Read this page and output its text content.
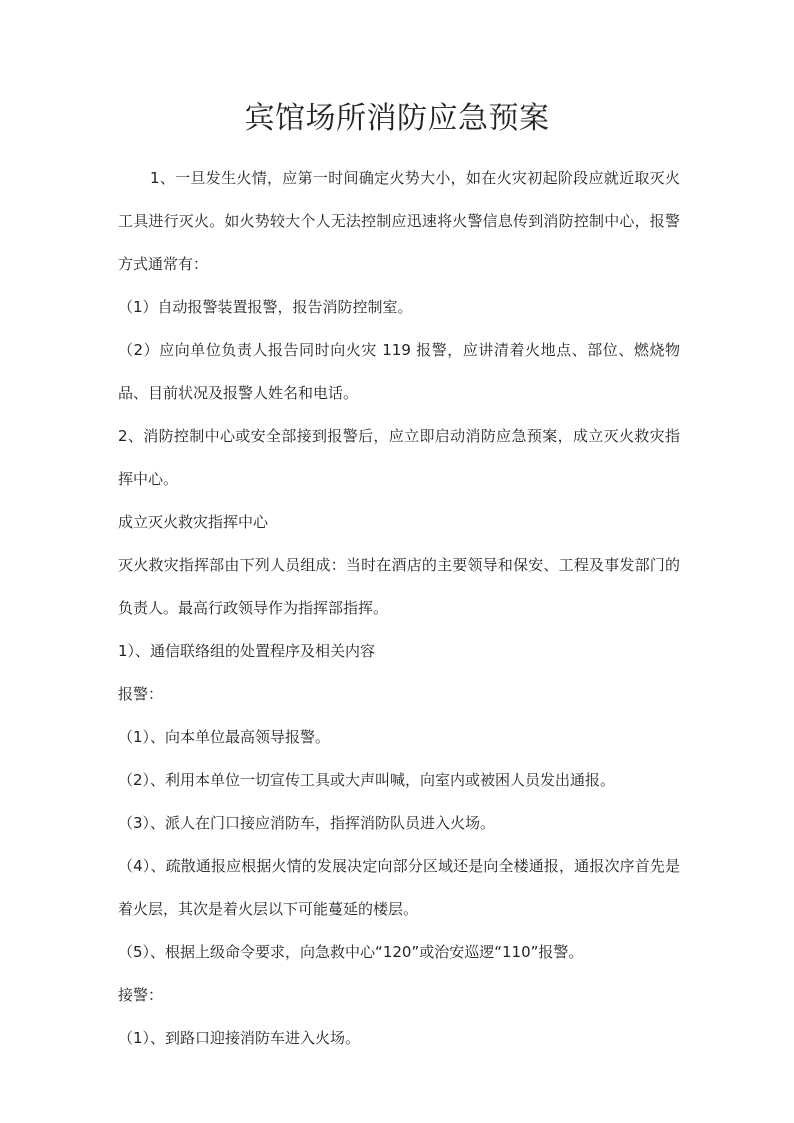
宾馆场所消防应急预案

1、一旦发生火情，应第一时间确定火势大小，如在火灾初起阶段应就近取灭火工具进行灭火。如火势较大个人无法控制应迅速将火警信息传到消防控制中心，报警方式通常有：

（1）自动报警装置报警，报告消防控制室。

（2）应向单位负责人报告同时向火灾 119 报警，应讲清着火地点、部位、燃烧物品、目前状况及报警人姓名和电话。

2、消防控制中心或安全部接到报警后，应立即启动消防应急预案，成立灭火救灾指挥中心。

成立灭火救灾指挥中心

灭火救灾指挥部由下列人员组成：当时在酒店的主要领导和保安、工程及事发部门的负责人。最高行政领导作为指挥部指挥。

1）、通信联络组的处置程序及相关内容

报警：

（1）、向本单位最高领导报警。

（2）、利用本单位一切宣传工具或大声叫喊，向室内或被困人员发出通报。

（3）、派人在门口接应消防车，指挥消防队员进入火场。

（4）、疏散通报应根据火情的发展决定向部分区域还是向全楼通报，通报次序首先是着火层，其次是着火层以下可能蔓延的楼层。

（5）、根据上级命令要求，向急救中心“120”或治安巡逻“110”报警。

接警：

（1）、到路口迎接消防车进入火场。
